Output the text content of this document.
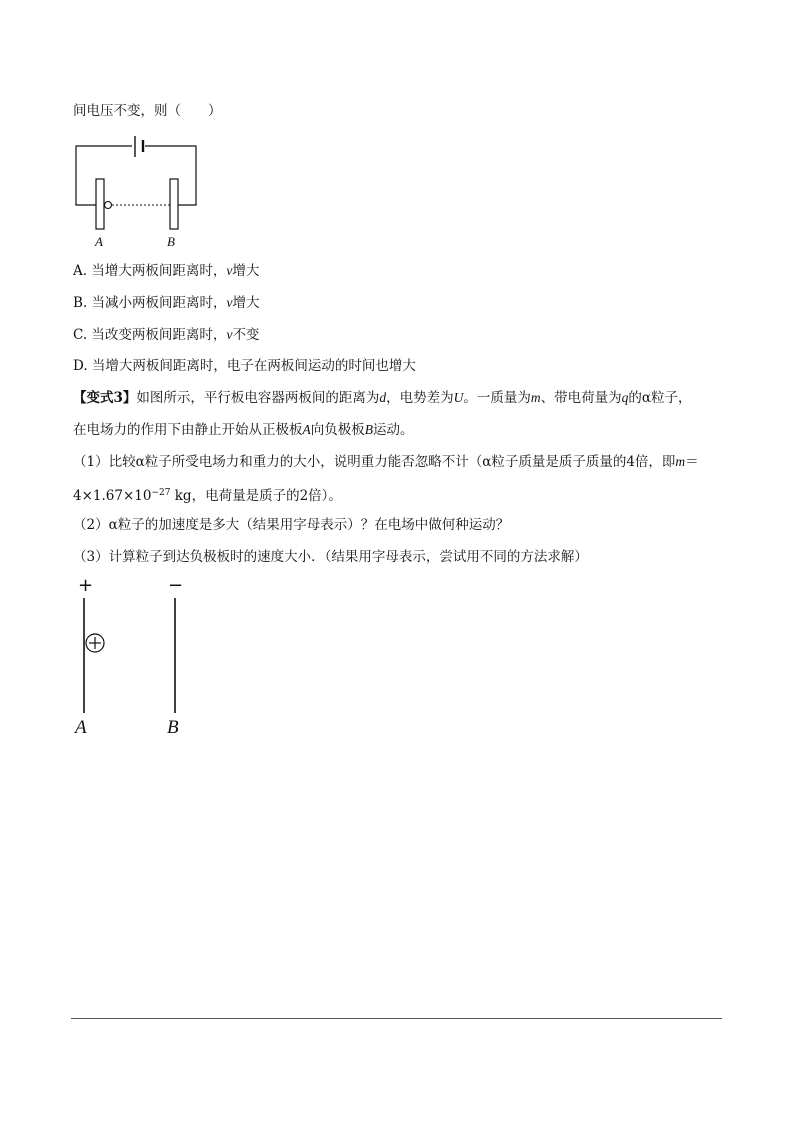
间电压不变，则（　　）
A	B
A. 当增大两板间距离时，v增大
B. 当减小两板间距离时，v增大
C. 当改变两板间距离时，v不变
D. 当增大两板间距离时，电子在两板间运动的时间也增大
【变式3】如图所示，平行板电容器两板间的距离为d，电势差为U。一质量为m、带电荷量为q的α粒子，
在电场力的作用下由静止开始从正极板A向负极板B运动。
（1）比较α粒子所受电场力和重力的大小，说明重力能否忽略不计（α粒子质量是质子质量的4倍，即m＝
$4\times 1.67\times 10^{-27}$ kg，电荷量是质子的2倍）。
（2）α粒子的加速度是多大（结果用字母表示）？在电场中做何种运动？
（3）计算粒子到达负极板时的速度大小．（结果用字母表示，尝试用不同的方法求解）
+	−
A	B
